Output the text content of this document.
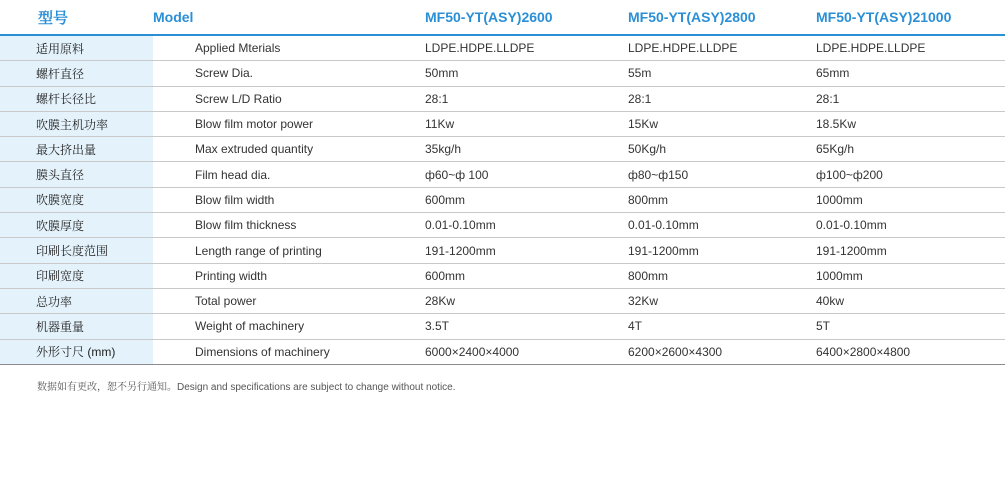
型号	Model	MF50-YT(ASY)2600	MF50-YT(ASY)2800	MF50-YT(ASY)21000
适用原料	Applied Mterials	LDPE.HDPE.LLDPE	LDPE.HDPE.LLDPE	LDPE.HDPE.LLDPE
螺杆直径	Screw Dia.	50mm	55m	65mm
螺杆长径比	Screw L/D Ratio	28:1	28:1	28:1
吹膜主机功率	Blow film motor power	11Kw	15Kw	18.5Kw
最大挤出量	Max extruded quantity	35kg/h	50Kg/h	65Kg/h
膜头直径	Film head dia.	ф60~ф 100	ф80~ф150	ф100~ф200
吹膜宽度	Blow film width	600mm	800mm	1000mm
吹膜厚度	Blow film thickness	0.01-0.10mm	0.01-0.10mm	0.01-0.10mm
印刷长度范围	Length range of printing	191-1200mm	191-1200mm	191-1200mm
印刷宽度	Printing width	600mm	800mm	1000mm
总功率	Total power	28Kw	32Kw	40kw
机器重量	Weight of machinery	3.5T	4T	5T
外形寸尺 (mm)	Dimensions of machinery	6000×2400×4000	6200×2600×4300	6400×2800×4800
数据如有更改，恕不另行通知。Design and specifications are subject to change without notice.
